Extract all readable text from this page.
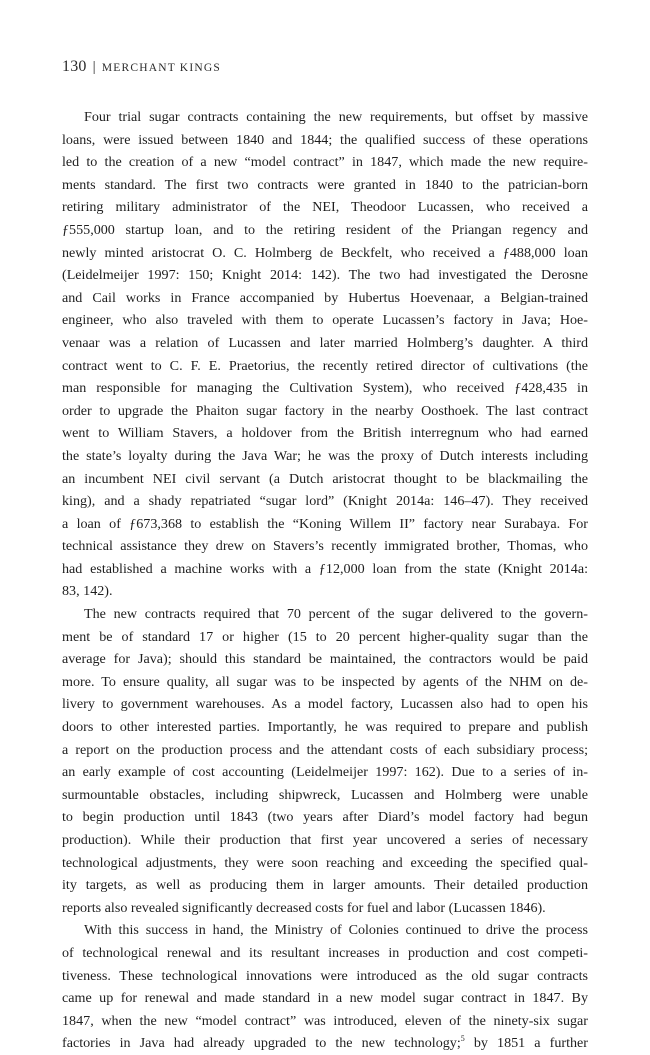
130 | MERCHANT KINGS
Four trial sugar contracts containing the new requirements, but offset by massive
loans, were issued between 1840 and 1844; the qualified success of these operations
led to the creation of a new “model contract” in 1847, which made the new require-
ments standard. The first two contracts were granted in 1840 to the patrician-born
retiring military administrator of the NEI, Theodoor Lucassen, who received a
ƒ555,000 startup loan, and to the retiring resident of the Priangan regency and
newly minted aristocrat O. C. Holmberg de Beckfelt, who received a ƒ488,000 loan
(Leidelmeijer 1997: 150; Knight 2014: 142). The two had investigated the Derosne
and Cail works in France accompanied by Hubertus Hoevenaar, a Belgian-trained
engineer, who also traveled with them to operate Lucassen’s factory in Java; Hoe-
venaar was a relation of Lucassen and later married Holmberg’s daughter. A third
contract went to C. F. E. Praetorius, the recently retired director of cultivations (the
man responsible for managing the Cultivation System), who received ƒ428,435 in
order to upgrade the Phaiton sugar factory in the nearby Oosthoek. The last contract
went to William Stavers, a holdover from the British interregnum who had earned
the state’s loyalty during the Java War; he was the proxy of Dutch interests including
an incumbent NEI civil servant (a Dutch aristocrat thought to be blackmailing the
king), and a shady repatriated “sugar lord” (Knight 2014a: 146–47). They received
a loan of ƒ673,368 to establish the “Koning Willem II” factory near Surabaya. For
technical assistance they drew on Stavers’s recently immigrated brother, Thomas, who
had established a machine works with a ƒ12,000 loan from the state (Knight 2014a:
83, 142).
The new contracts required that 70 percent of the sugar delivered to the govern-
ment be of standard 17 or higher (15 to 20 percent higher-quality sugar than the
average for Java); should this standard be maintained, the contractors would be paid
more. To ensure quality, all sugar was to be inspected by agents of the NHM on de-
livery to government warehouses. As a model factory, Lucassen also had to open his
doors to other interested parties. Importantly, he was required to prepare and publish
a report on the production process and the attendant costs of each subsidiary process;
an early example of cost accounting (Leidelmeijer 1997: 162). Due to a series of in-
surmountable obstacles, including shipwreck, Lucassen and Holmberg were unable
to begin production until 1843 (two years after Diard’s model factory had begun
production). While their production that first year uncovered a series of necessary
technological adjustments, they were soon reaching and exceeding the specified qual-
ity targets, as well as producing them in larger amounts. Their detailed production
reports also revealed significantly decreased costs for fuel and labor (Lucassen 1846).
With this success in hand, the Ministry of Colonies continued to drive the process
of technological renewal and its resultant increases in production and cost competi-
tiveness. These technological innovations were introduced as the old sugar contracts
came up for renewal and made standard in a new model sugar contract in 1847. By
1847, when the new “model contract” was introduced, eleven of the ninety-six sugar
factories in Java had already upgraded to the new technology;$^5$ by 1851 a further
